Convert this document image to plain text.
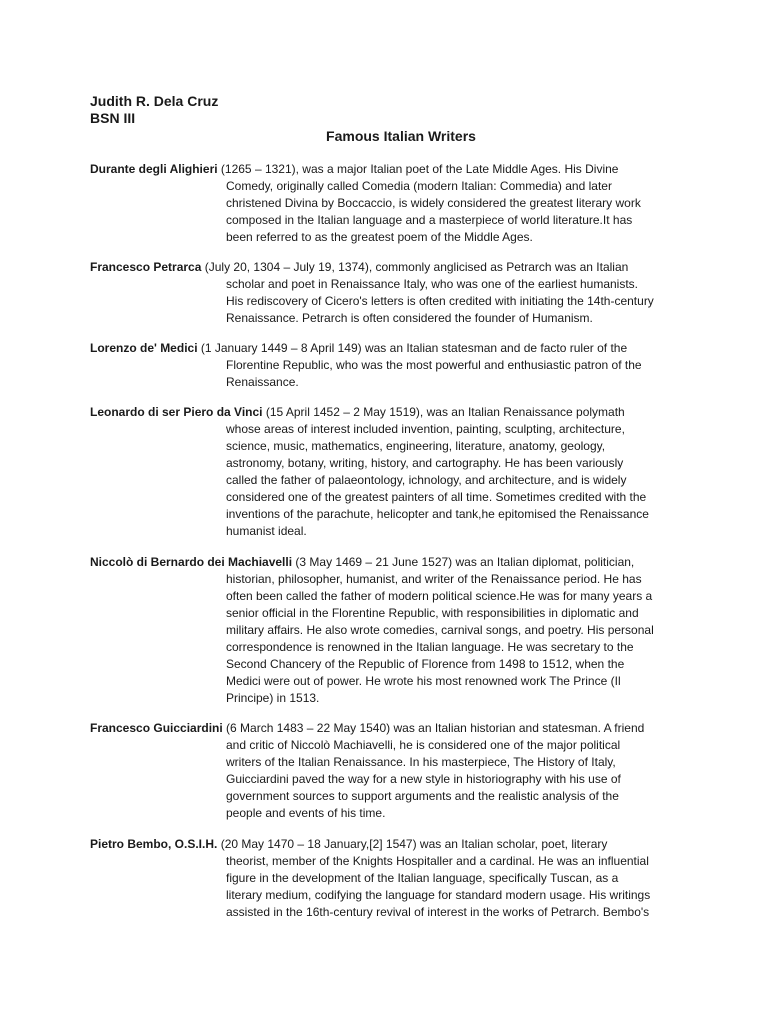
Judith R. Dela Cruz
BSN III
Famous Italian Writers
Durante degli Alighieri (1265 – 1321), was a major Italian poet of the Late Middle Ages. His Divine
Comedy, originally called Comedia (modern Italian: Commedia) and later
christened Divina by Boccaccio, is widely considered the greatest literary work
composed in the Italian language and a masterpiece of world literature.It has
been referred to as the greatest poem of the Middle Ages.
Francesco Petrarca (July 20, 1304 – July 19, 1374), commonly anglicised as Petrarch was an Italian
scholar and poet in Renaissance Italy, who was one of the earliest humanists.
His rediscovery of Cicero's letters is often credited with initiating the 14th-century
Renaissance. Petrarch is often considered the founder of Humanism.
Lorenzo de' Medici (1 January 1449 – 8 April 149) was an Italian statesman and de facto ruler of the
Florentine Republic, who was the most powerful and enthusiastic patron of the
Renaissance.
Leonardo di ser Piero da Vinci (15 April 1452 – 2 May 1519), was an Italian Renaissance polymath
whose areas of interest included invention, painting, sculpting, architecture,
science, music, mathematics, engineering, literature, anatomy, geology,
astronomy, botany, writing, history, and cartography. He has been variously
called the father of palaeontology, ichnology, and architecture, and is widely
considered one of the greatest painters of all time. Sometimes credited with the
inventions of the parachute, helicopter and tank,he epitomised the Renaissance
humanist ideal.
Niccolò di Bernardo dei Machiavelli (3 May 1469 – 21 June 1527) was an Italian diplomat, politician,
historian, philosopher, humanist, and writer of the Renaissance period. He has
often been called the father of modern political science.He was for many years a
senior official in the Florentine Republic, with responsibilities in diplomatic and
military affairs. He also wrote comedies, carnival songs, and poetry. His personal
correspondence is renowned in the Italian language. He was secretary to the
Second Chancery of the Republic of Florence from 1498 to 1512, when the
Medici were out of power. He wrote his most renowned work The Prince (Il
Principe) in 1513.
Francesco Guicciardini (6 March 1483 – 22 May 1540) was an Italian historian and statesman. A friend
and critic of Niccolò Machiavelli, he is considered one of the major political
writers of the Italian Renaissance. In his masterpiece, The History of Italy,
Guicciardini paved the way for a new style in historiography with his use of
government sources to support arguments and the realistic analysis of the
people and events of his time.
Pietro Bembo, O.S.I.H. (20 May 1470 – 18 January,[2] 1547) was an Italian scholar, poet, literary
theorist, member of the Knights Hospitaller and a cardinal. He was an influential
figure in the development of the Italian language, specifically Tuscan, as a
literary medium, codifying the language for standard modern usage. His writings
assisted in the 16th-century revival of interest in the works of Petrarch. Bembo's
